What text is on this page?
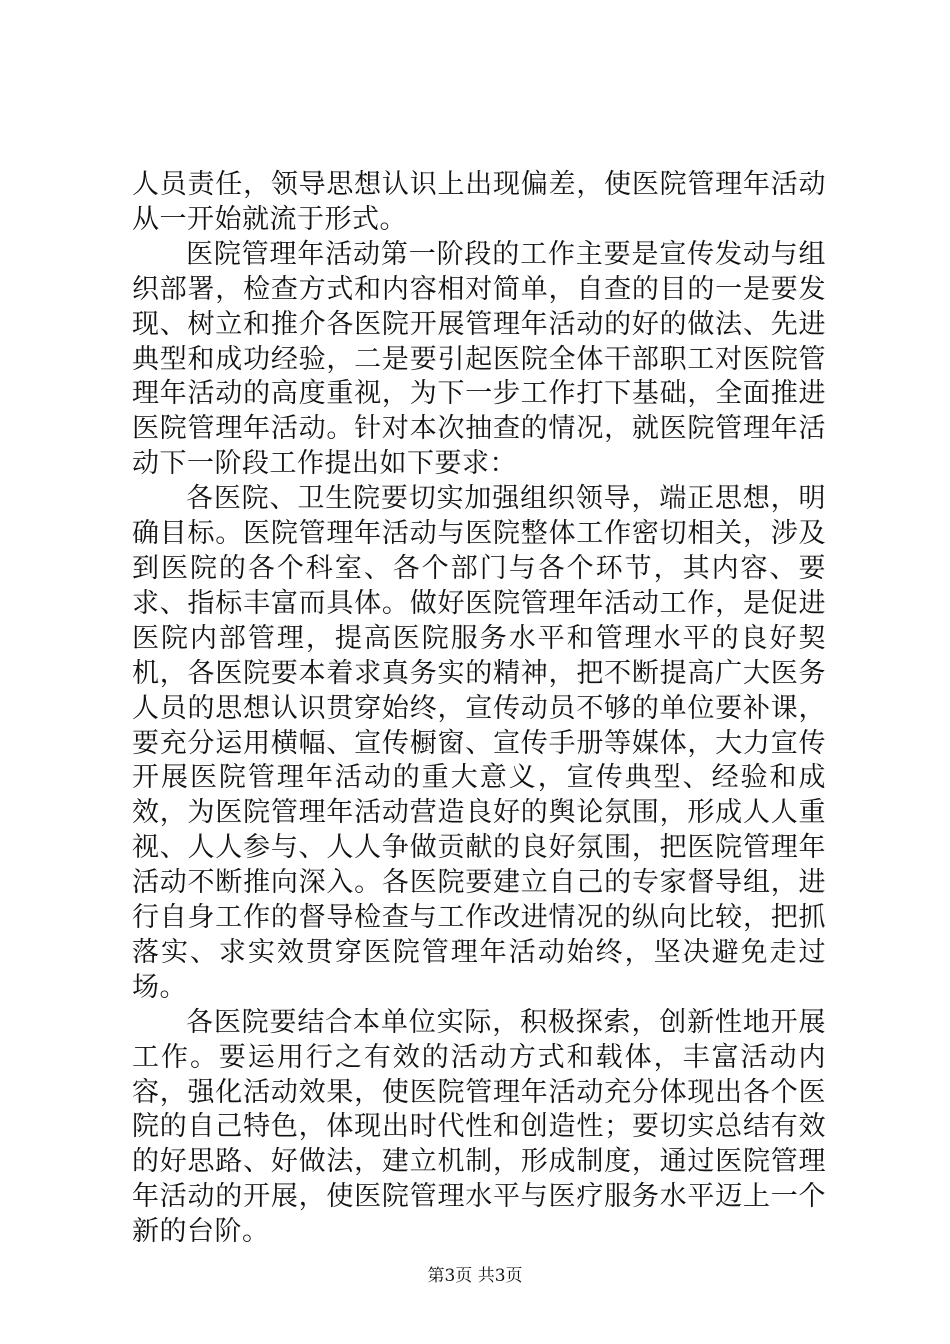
人员责任，领导思想认识上出现偏差，使医院管理年活动从一开始就流于形式。

医院管理年活动第一阶段的工作主要是宣传发动与组织部署，检查方式和内容相对简单，自查的目的一是要发现、树立和推介各医院开展管理年活动的好的做法、先进典型和成功经验，二是要引起医院全体干部职工对医院管理年活动的高度重视，为下一步工作打下基础，全面推进医院管理年活动。针对本次抽查的情况，就医院管理年活动下一阶段工作提出如下要求：

各医院、卫生院要切实加强组织领导，端正思想，明确目标。医院管理年活动与医院整体工作密切相关，涉及到医院的各个科室、各个部门与各个环节，其内容、要求、指标丰富而具体。做好医院管理年活动工作，是促进医院内部管理，提高医院服务水平和管理水平的良好契机，各医院要本着求真务实的精神，把不断提高广大医务人员的思想认识贯穿始终，宣传动员不够的单位要补课，要充分运用横幅、宣传橱窗、宣传手册等媒体，大力宣传开展医院管理年活动的重大意义，宣传典型、经验和成效，为医院管理年活动营造良好的舆论氛围，形成人人重视、人人参与、人人争做贡献的良好氛围，把医院管理年活动不断推向深入。各医院要建立自己的专家督导组，进行自身工作的督导检查与工作改进情况的纵向比较，把抓落实、求实效贯穿医院管理年活动始终，坚决避免走过场。

各医院要结合本单位实际，积极探索，创新性地开展工作。要运用行之有效的活动方式和载体，丰富活动内容，强化活动效果，使医院管理年活动充分体现出各个医院的自己特色，体现出时代性和创造性；要切实总结有效的好思路、好做法，建立机制，形成制度，通过医院管理年活动的开展，使医院管理水平与医疗服务水平迈上一个新的台阶。

第3页 共3页
